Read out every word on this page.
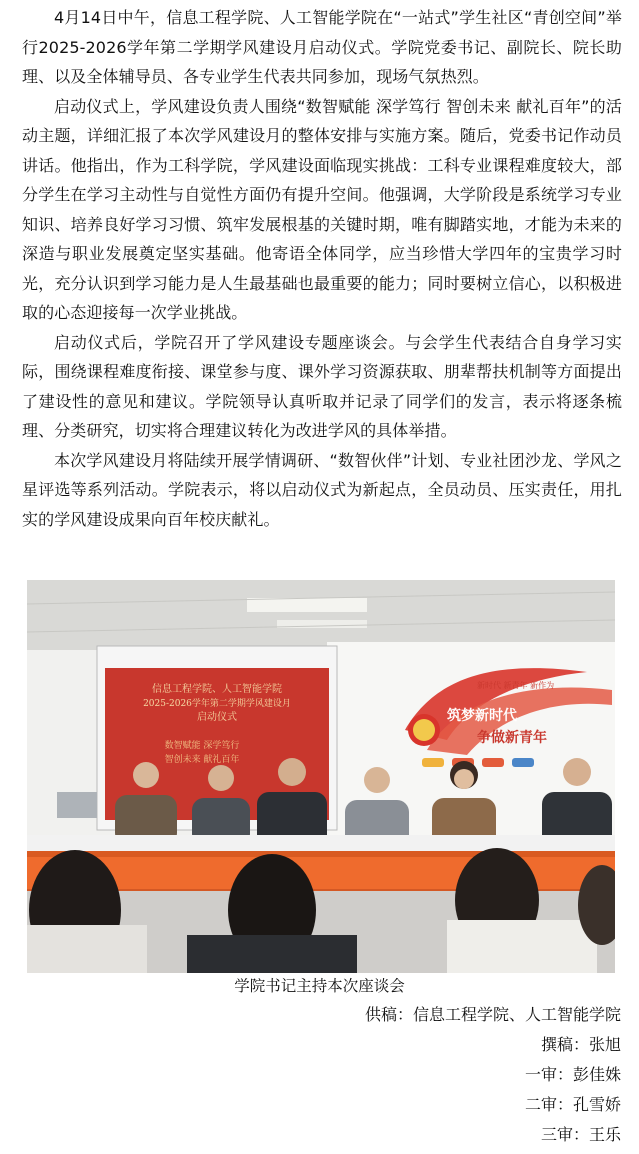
4月14日中午，信息工程学院、人工智能学院在“一站式”学生社区“青创空间”举行2025-2026学年第二学期学风建设月启动仪式。学院党委书记、副院长、院长助理、以及全体辅导员、各专业学生代表共同参加，现场气氛热烈。

启动仪式上，学风建设负责人围绕“数智赋能 深学笃行 智创未来 献礼百年”的活动主题，详细汇报了本次学风建设月的整体安排与实施方案。随后，党委书记作动员讲话。他指出，作为工科学院，学风建设面临现实挑战：工科专业课程难度较大，部分学生在学习主动性与自觉性方面仍有提升空间。他强调，大学阶段是系统学习专业知识、培养良好学习习惯、筑牢发展根基的关键时期，唯有脚踏实地，才能为未来的深造与职业发展奠定坚实基础。他寄语全体同学，应当珍惜大学四年的宝贵学习时光，充分认识到学习能力是人生最基础也最重要的能力；同时要树立信心，以积极进取的心态迎接每一次学业挑战。

启动仪式后，学院召开了学风建设专题座谈会。与会学生代表结合自身学习实际，围绕课程难度衔接、课堂参与度、课外学习资源获取、朋辈帮扶机制等方面提出了建设性的意见和建议。学院领导认真听取并记录了同学们的发言，表示将逐条梳理、分类研究，切实将合理建议转化为改进学风的具体举措。

本次学风建设月将陆续开展学情调研、“数智伙伴”计划、专业社团沙龙、学风之星评选等系列活动。学院表示，将以启动仪式为新起点，全员动员、压实责任，用扎实的学风建设成果向百年校庆献礼。

信息工程学院、人工智能学院
2025-2026学年第二学期学风建设月
启动仪式
数智赋能 深学笃行
智创未来 献礼百年
新时代 新青年 新作为
筑梦新时代
争做新青年
学院书记主持本次座谈会
供稿：信息工程学院、人工智能学院
撰稿：张旭
一审：彭佳姝
二审：孔雪娇
三审：王乐
